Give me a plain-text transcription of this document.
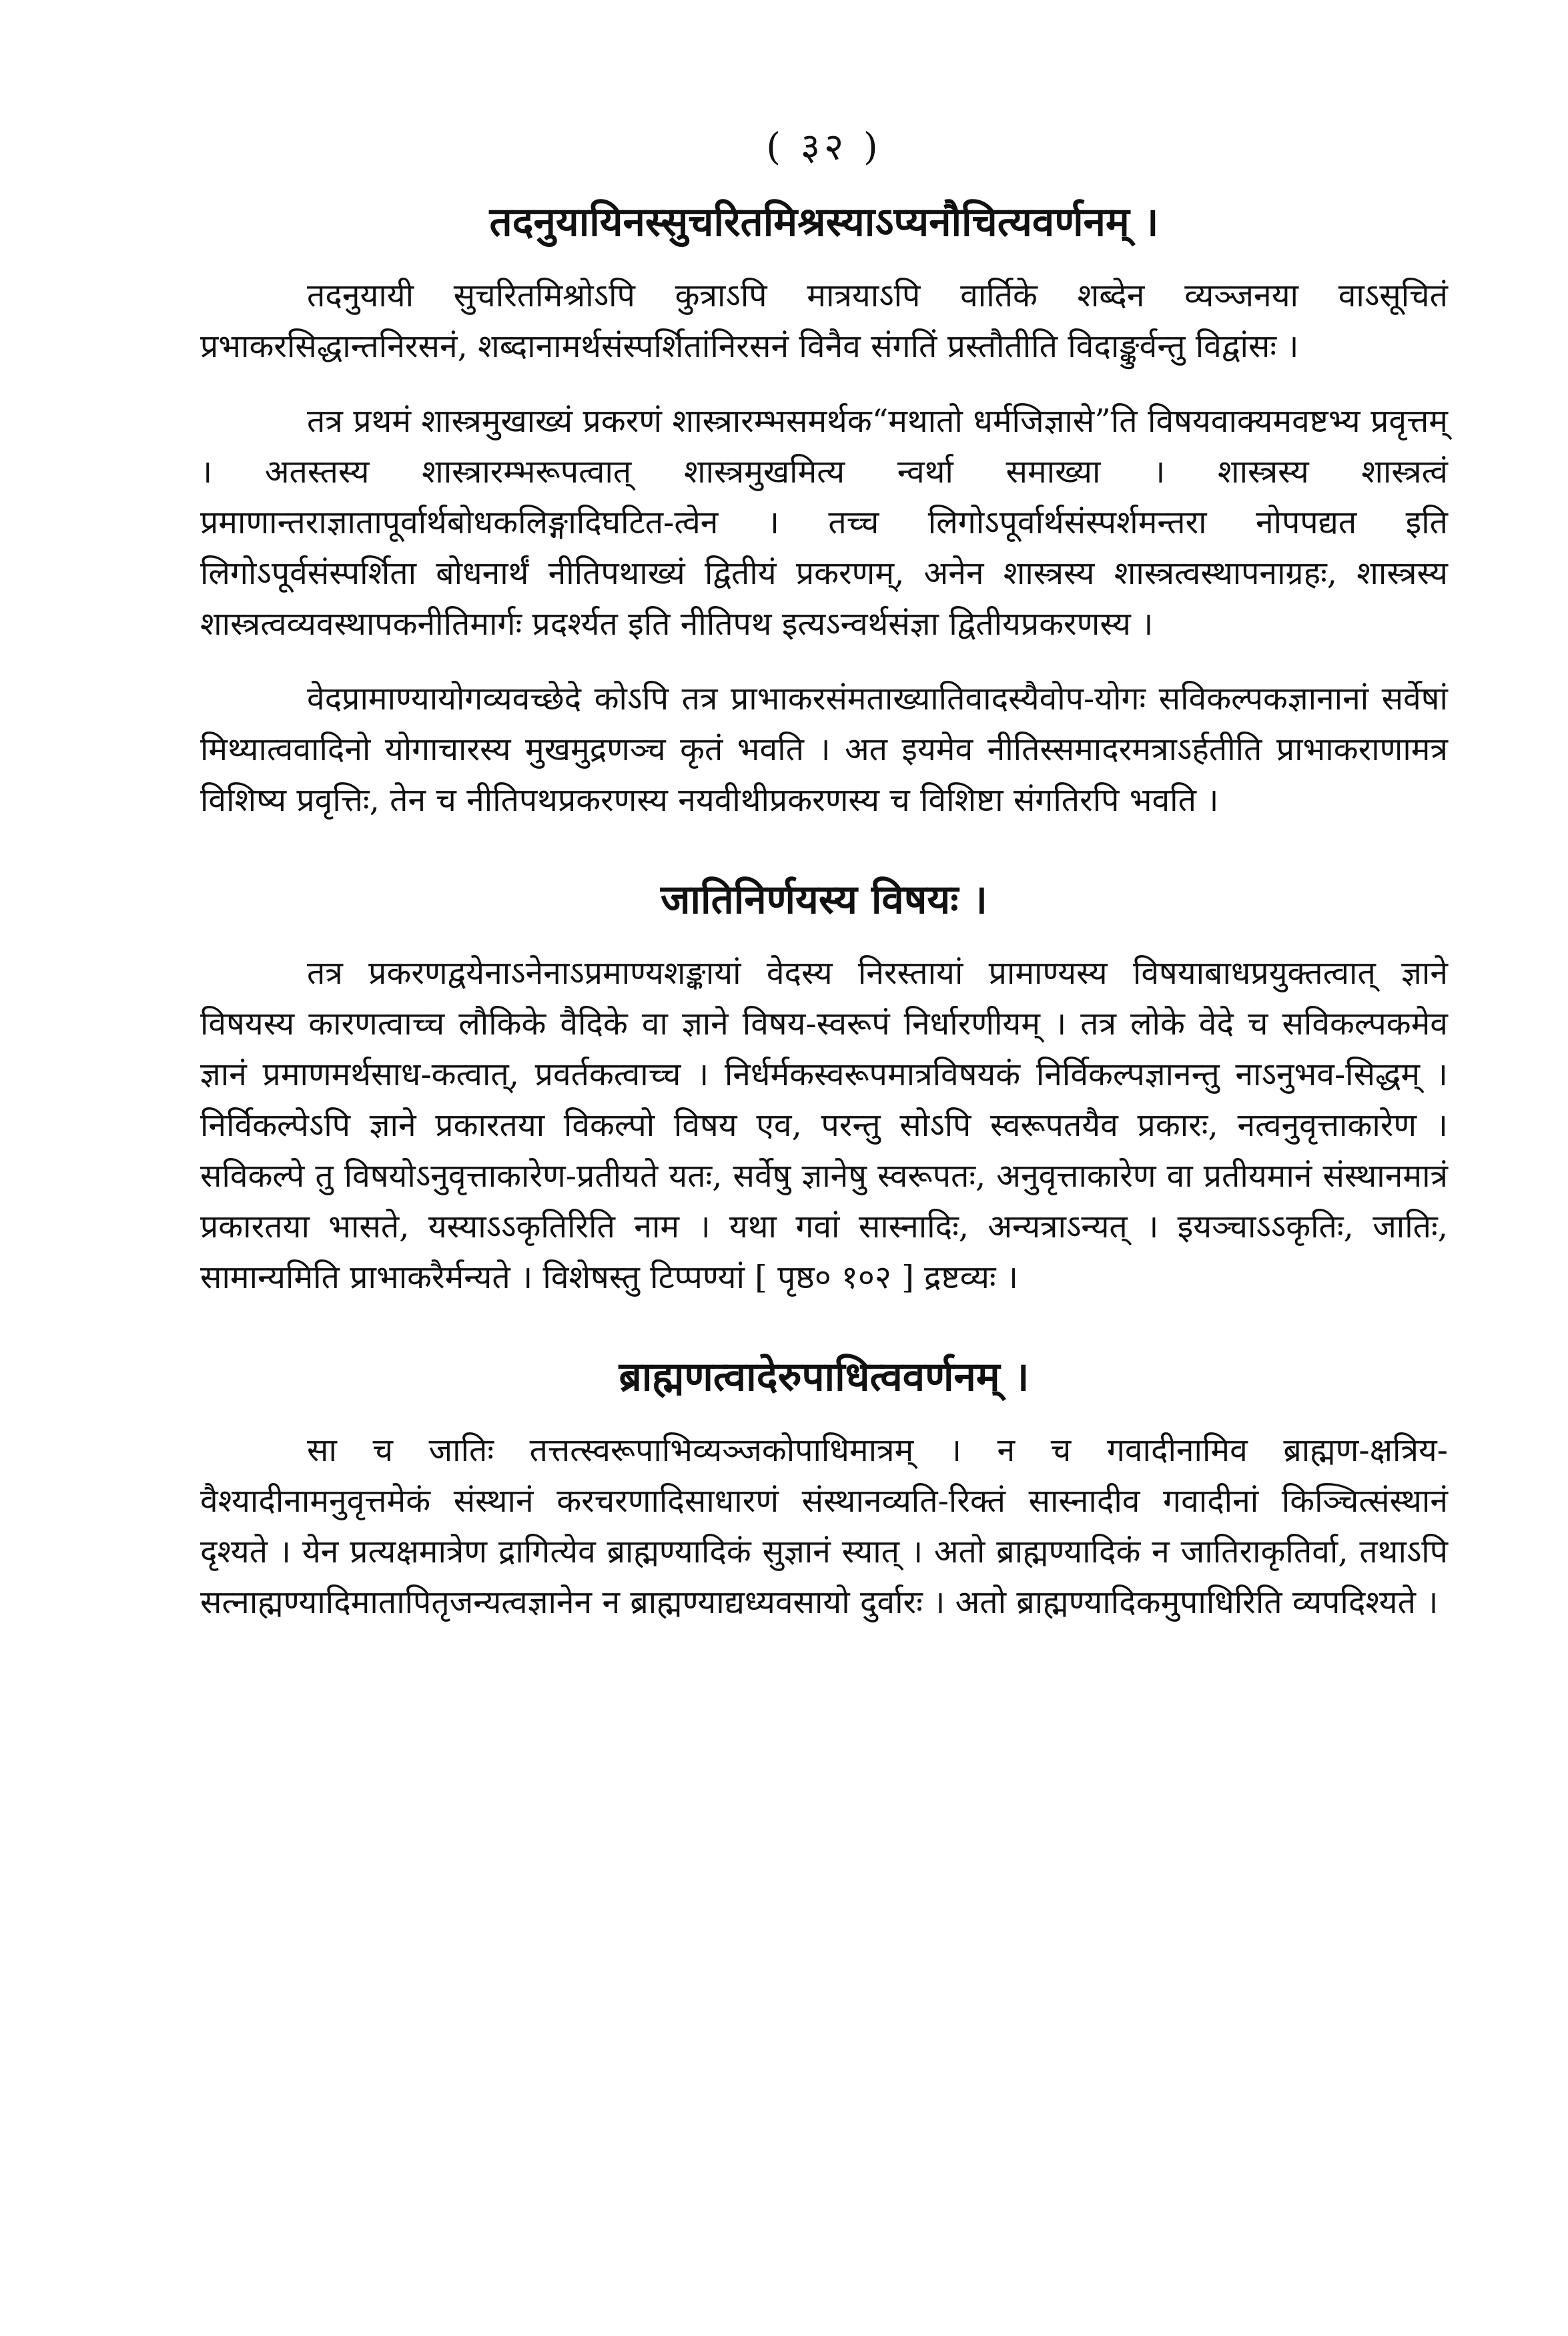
( ३२ )
तदनुयायिनस्सुचरितमिश्रस्याऽप्यनौचित्यवर्णनम् ।

तदनुयायी सुचरितमिश्रोऽपि कुत्राऽपि मात्रयाऽपि वार्तिके शब्देन व्यञ्जनया वाऽसूचितं प्रभाकरसिद्धान्तनिरसनं, शब्दानामर्थसंस्पर्शितांनिरसनं विनैव संगतिं प्रस्तौतीति विदाङ्कुर्वन्तु विद्वांसः ।

तत्र प्रथमं शास्त्रमुखाख्यं प्रकरणं शास्त्रारम्भसमर्थक“मथातो धर्मजिज्ञासे”ति विषयवाक्यमवष्टभ्य प्रवृत्तम् । अतस्तस्य शास्त्रारम्भरूपत्वात् शास्त्रमुखमित्य न्वर्था समाख्या । शास्त्रस्य शास्त्रत्वं प्रमाणान्तराज्ञातापूर्वार्थबोधकलिङ्गादिघटित-त्वेन । तच्च लिगोऽपूर्वार्थसंस्पर्शमन्तरा नोपपद्यत इति लिगोऽपूर्वसंस्पर्शिता बोधनार्थं नीतिपथाख्यं द्वितीयं प्रकरणम्, अनेन शास्त्रस्य शास्त्रत्वस्थापनाग्रहः, शास्त्रस्य शास्त्रत्वव्यवस्थापकनीतिमार्गः प्रदर्श्यत इति नीतिपथ इत्यऽन्वर्थसंज्ञा द्वितीयप्रकरणस्य ।

वेदप्रामाण्यायोगव्यवच्छेदे कोऽपि तत्र प्राभाकरसंमताख्यातिवादस्यैवोप-योगः सविकल्पकज्ञानानां सर्वेषां मिथ्यात्ववादिनो योगाचारस्य मुखमुद्रणञ्च कृतं भवति । अत इयमेव नीतिस्समादरमत्राऽर्हतीति प्राभाकराणामत्र विशिष्य प्रवृत्तिः, तेन च नीतिपथप्रकरणस्य नयवीथीप्रकरणस्य च विशिष्टा संगतिरपि भवति ।

जातिनिर्णयस्य विषयः ।

तत्र प्रकरणद्वयेनाऽनेनाऽप्रमाण्यशङ्कायां वेदस्य निरस्तायां प्रामाण्यस्य विषयाबाधप्रयुक्तत्वात् ज्ञाने विषयस्य कारणत्वाच्च लौकिके वैदिके वा ज्ञाने विषय-स्वरूपं निर्धारणीयम् । तत्र लोके वेदे च सविकल्पकमेव ज्ञानं प्रमाणमर्थसाध-कत्वात्, प्रवर्तकत्वाच्च । निर्धर्मकस्वरूपमात्रविषयकं निर्विकल्पज्ञानन्तु नाऽनुभव-सिद्धम् । निर्विकल्पेऽपि ज्ञाने प्रकारतया विकल्पो विषय एव, परन्तु सोऽपि स्वरूपतयैव प्रकारः, नत्वनुवृत्ताकारेण । सविकल्पे तु विषयोऽनुवृत्ताकारेण-प्रतीयते यतः, सर्वेषु ज्ञानेषु स्वरूपतः, अनुवृत्ताकारेण वा प्रतीयमानं संस्थानमात्रं प्रकारतया भासते, यस्याऽऽकृतिरिति नाम । यथा गवां सास्नादिः, अन्यत्राऽन्यत् । इयञ्चाऽऽकृतिः, जातिः, सामान्यमिति प्राभाकरैर्मन्यते । विशेषस्तु टिप्पण्यां [ पृष्ठ० १०२ ] द्रष्टव्यः ।

ब्राह्मणत्वादेरुपाधित्ववर्णनम् ।

सा च जातिः तत्तत्स्वरूपाभिव्यञ्जकोपाधिमात्रम् । न च गवादीनामिव ब्राह्मण-क्षत्रिय-वैश्यादीनामनुवृत्तमेकं संस्थानं करचरणादिसाधारणं संस्थानव्यति-रिक्तं सास्नादीव गवादीनां किञ्चित्संस्थानं दृश्यते । येन प्रत्यक्षमात्रेण द्रागित्येव ब्राह्मण्यादिकं सुज्ञानं स्यात् । अतो ब्राह्मण्यादिकं न जातिराकृतिर्वा, तथाऽपि सत्नाह्मण्यादिमातापितृजन्यत्वज्ञानेन न ब्राह्मण्याद्यध्यवसायो दुर्वारः । अतो ब्राह्मण्यादिकमुपाधिरिति व्यपदिश्यते ।
